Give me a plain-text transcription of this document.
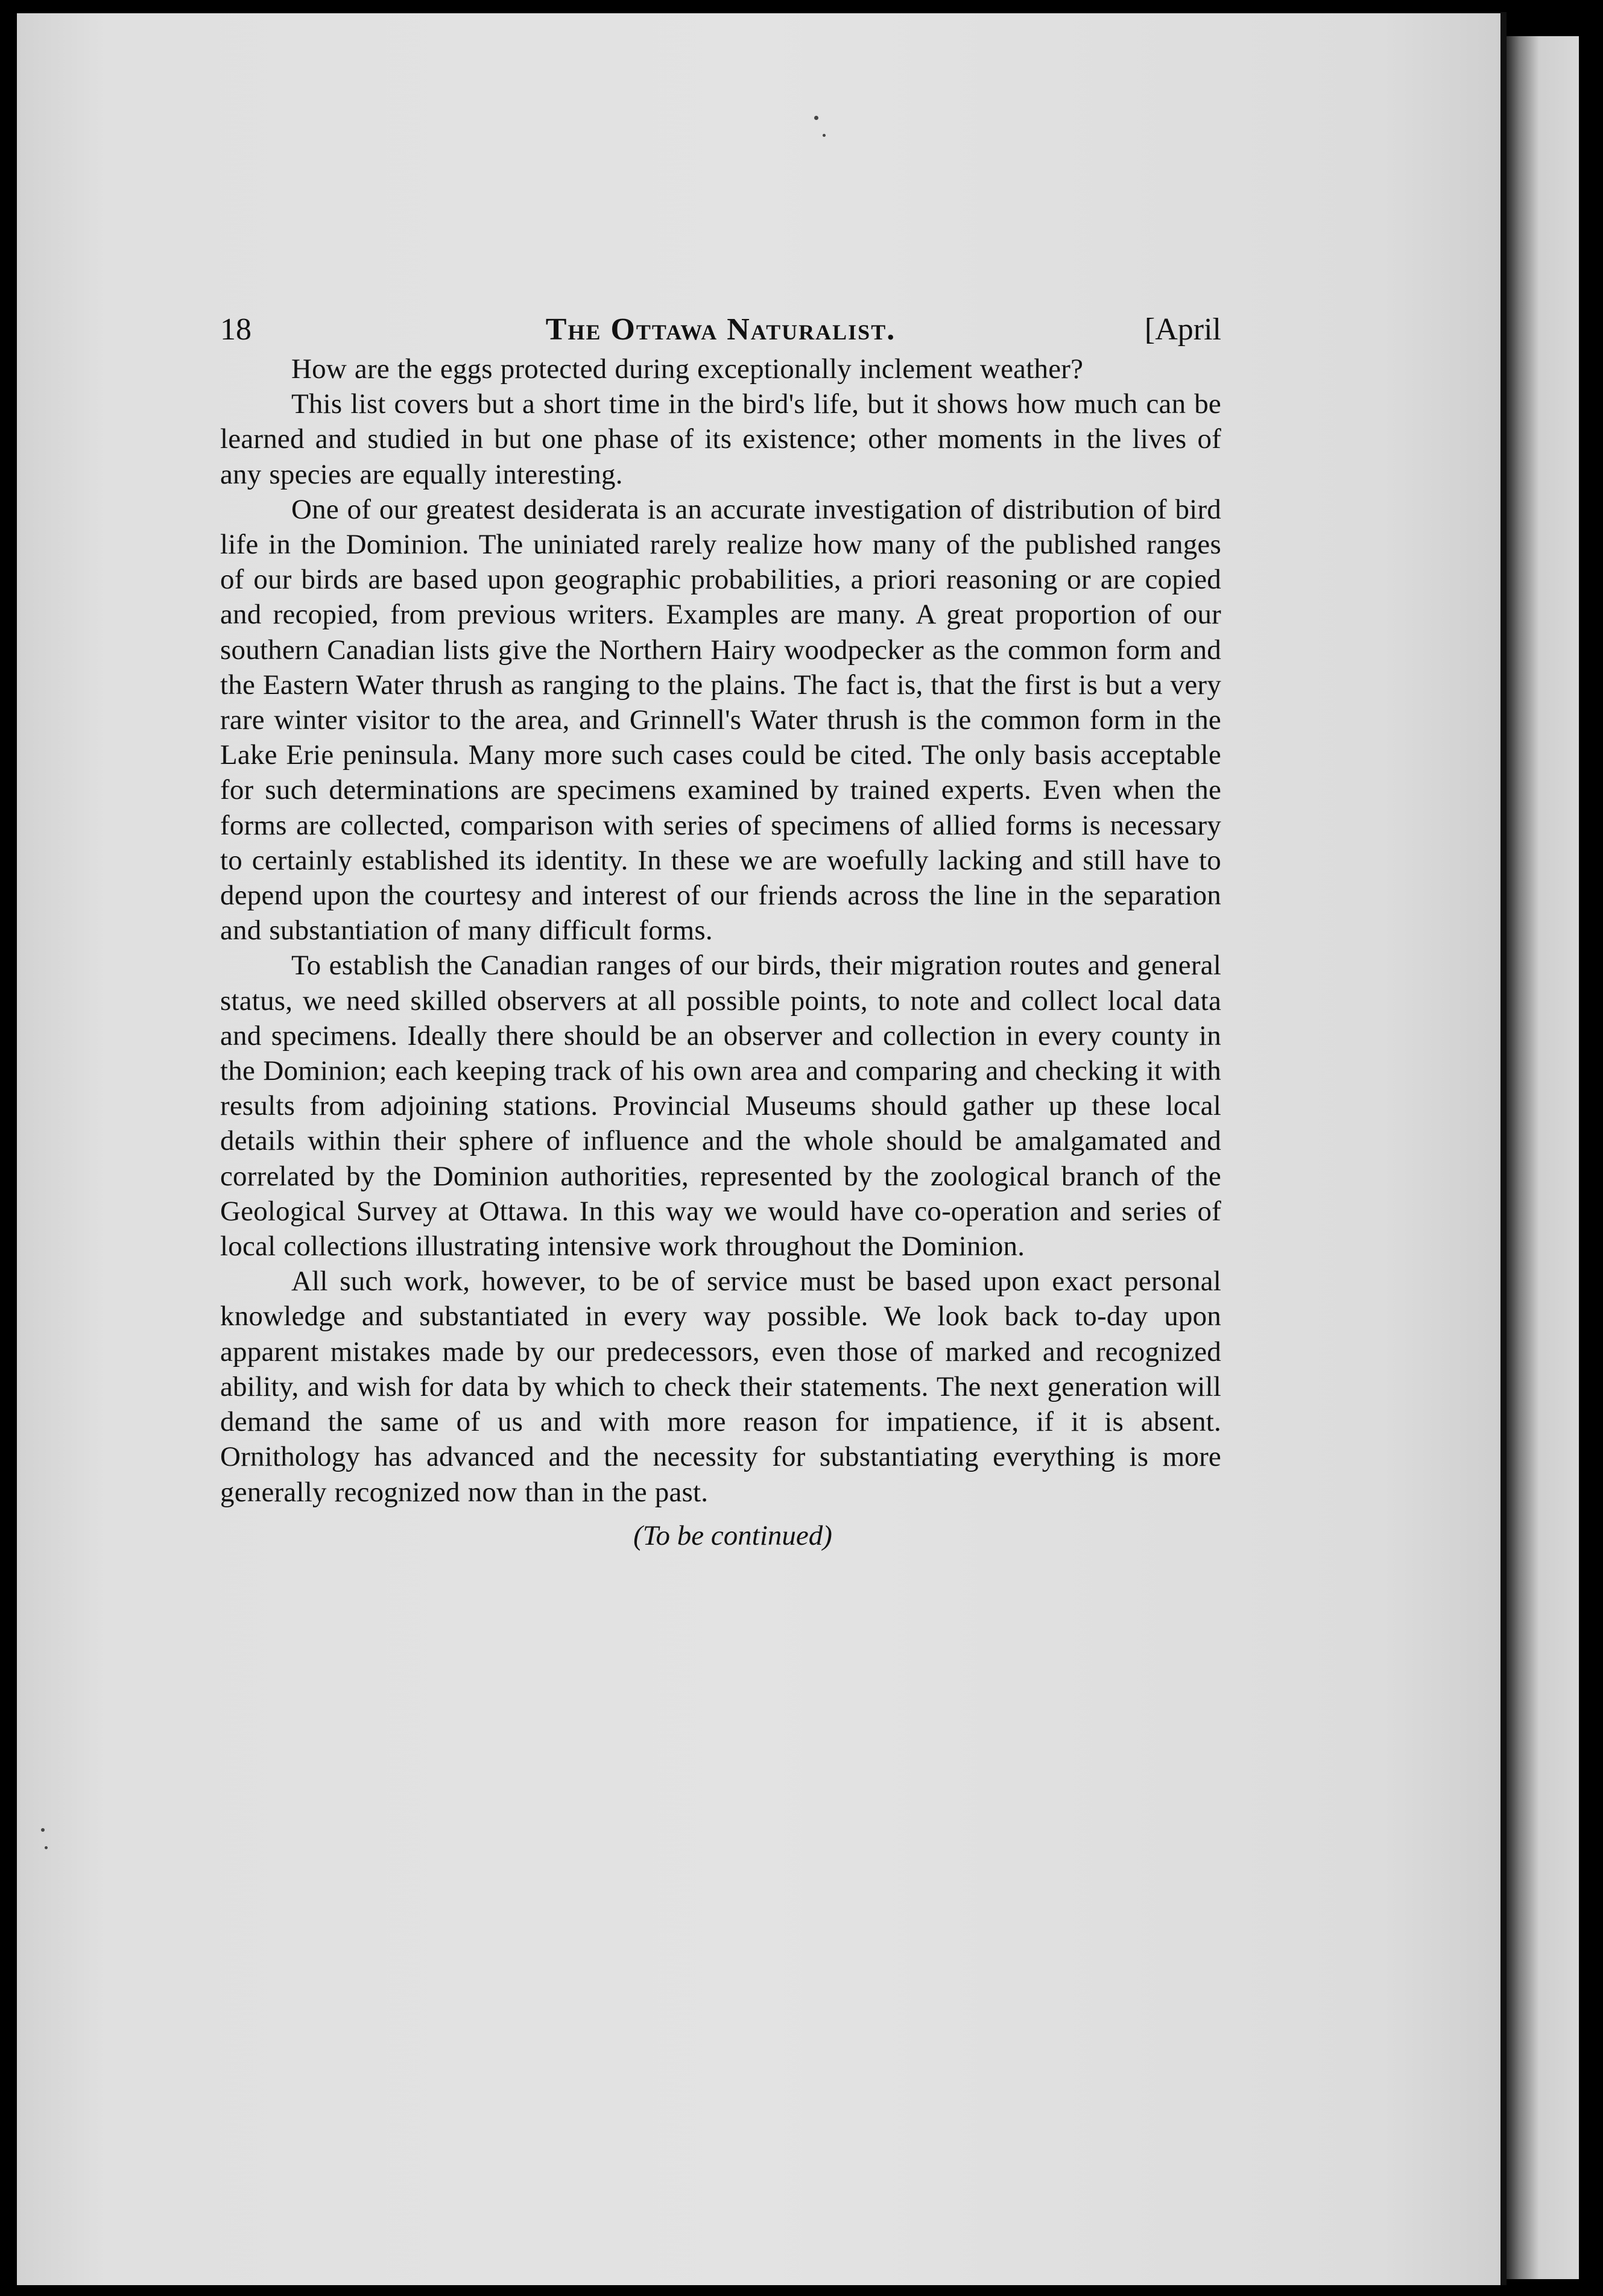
18	The Ottawa Naturalist.	[April

How are the eggs protected during exceptionally inclement weather?

This list covers but a short time in the bird's life, but it shows how much can be learned and studied in but one phase of its existence; other moments in the lives of any species are equally interesting.

One of our greatest desiderata is an accurate investigation of distribution of bird life in the Dominion. The uniniated rarely realize how many of the published ranges of our birds are based upon geographic probabilities, a priori reasoning or are copied and recopied, from previous writers. Examples are many. A great proportion of our southern Canadian lists give the Northern Hairy woodpecker as the common form and the Eastern Water thrush as ranging to the plains. The fact is, that the first is but a very rare winter visitor to the area, and Grinnell's Water thrush is the common form in the Lake Erie peninsula. Many more such cases could be cited. The only basis acceptable for such determinations are specimens examined by trained experts. Even when the forms are collected, comparison with series of specimens of allied forms is necessary to certainly established its identity. In these we are woefully lacking and still have to depend upon the courtesy and interest of our friends across the line in the separation and substantiation of many difficult forms.

To establish the Canadian ranges of our birds, their migration routes and general status, we need skilled observers at all possible points, to note and collect local data and specimens. Ideally there should be an observer and collection in every county in the Dominion; each keeping track of his own area and comparing and checking it with results from adjoining stations. Provincial Museums should gather up these local details within their sphere of influence and the whole should be amalgamated and correlated by the Dominion authorities, represented by the zoological branch of the Geological Survey at Ottawa. In this way we would have co-operation and series of local collections illustrating intensive work throughout the Dominion.

All such work, however, to be of service must be based upon exact personal knowledge and substantiated in every way possible. We look back to-day upon apparent mistakes made by our predecessors, even those of marked and recognized ability, and wish for data by which to check their statements. The next generation will demand the same of us and with more reason for impatience, if it is absent. Ornithology has advanced and the necessity for substantiating everything is more generally recognized now than in the past.

(To be continued)
